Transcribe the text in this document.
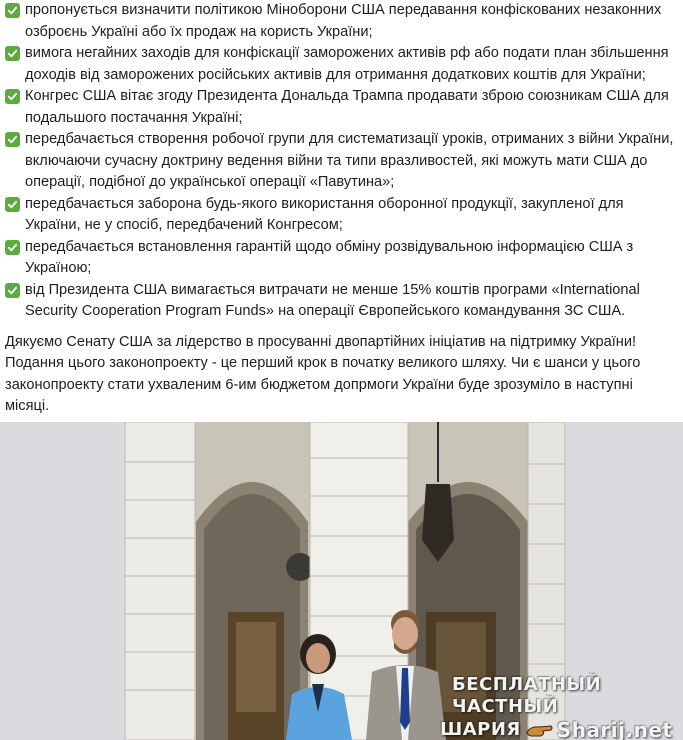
пропонується визначити політикою Міноборони США передавання конфіскованих незаконних озброєнь Україні або їх продаж на користь України;
вимога негайних заходів для конфіскації заморожених активів рф або подати план збільшення доходів від заморожених російських активів для отримання додаткових коштів для України;
Конгрес США вітає згоду Президента Дональда Трампа продавати зброю союзникам США для подальшого постачання Україні;
передбачається створення робочої групи для систематизації уроків, отриманих з війни України, включаючи сучасну доктрину ведення війни та типи вразливостей, які можуть мати США до операції, подібної до української операції «Павутина»;
передбачається заборона будь-якого використання оборонної продукції, закупленої для України, не у спосіб, передбачений Конгресом;
передбачається встановлення гарантій щодо обміну розвідувальною інформацією США з Україною;
від Президента США вимагається витрачати не менше 15% коштів програми «International Security Cooperation Program Funds» на операції Європейського командування ЗС США.
Дякуємо Сенату США за лідерство в просуванні двопартійних ініціатив на підтримку України! Подання цього законопроекту - це перший крок в початку великого шляху. Чи є шанси у цього законопроекту стати ухваленим 6-им бюджетом допрмоги України буде зрозуміло в наступні місяці.
БЕСПЛАТНЫЙ ЧАСТНЫЙ
ШАРИЯ Sharij.net
